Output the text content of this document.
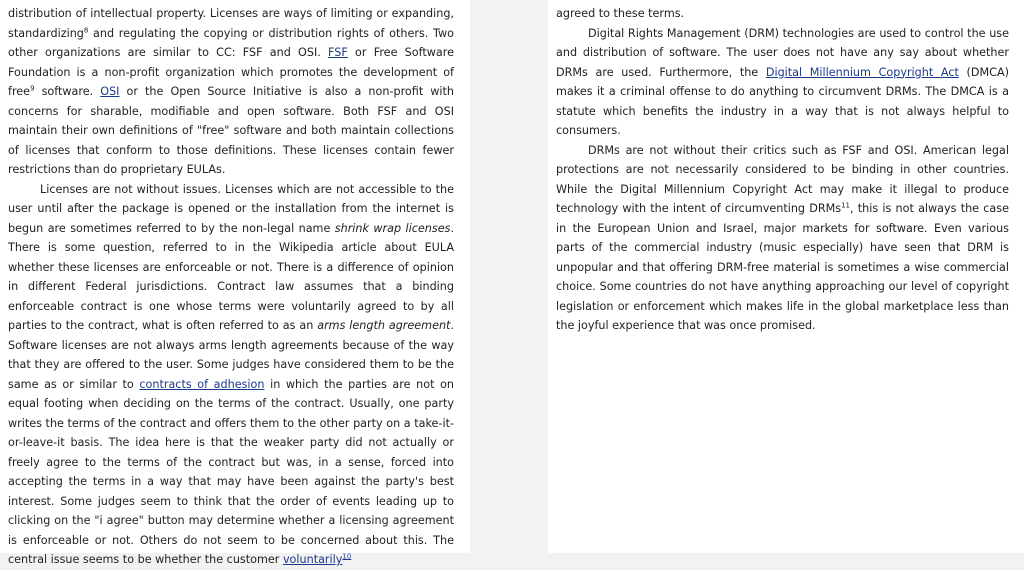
distribution of intellectual property. Licenses are ways of limiting or expanding, standardizing$^8$ and regulating the copying or distribution rights of others. Two other organizations are similar to CC: FSF and OSI. FSF or Free Software Foundation is a non-profit organization which promotes the development of free$^9$ software. OSI or the Open Source Initiative is also a non-profit with concerns for sharable, modifiable and open software. Both FSF and OSI maintain their own definitions of "free" software and both maintain collections of licenses that conform to those definitions. These licenses contain fewer restrictions than do proprietary EULAs.

Licenses are not without issues. Licenses which are not accessible to the user until after the package is opened or the installation from the internet is begun are sometimes referred to by the non-legal name shrink wrap licenses. There is some question, referred to in the Wikipedia article about EULA whether these licenses are enforceable or not. There is a difference of opinion in different Federal jurisdictions. Contract law assumes that a binding enforceable contract is one whose terms were voluntarily agreed to by all parties to the contract, what is often referred to as an arms length agreement. Software licenses are not always arms length agreements because of the way that they are offered to the user. Some judges have considered them to be the same as or similar to contracts of adhesion in which the parties are not on equal footing when deciding on the terms of the contract. Usually, one party writes the terms of the contract and offers them to the other party on a take-it-or-leave-it basis. The idea here is that the weaker party did not actually or freely agree to the terms of the contract but was, in a sense, forced into accepting the terms in a way that may have been against the party's best interest. Some judges seem to think that the order of events leading up to clicking on the "i agree" button may determine whether a licensing agreement is enforceable or not. Others do not seem to be concerned about this. The central issue seems to be whether the customer voluntarily$^{10}$

agreed to these terms.

Digital Rights Management (DRM) technologies are used to control the use and distribution of software. The user does not have any say about whether DRMs are used. Furthermore, the Digital Millennium Copyright Act (DMCA) makes it a criminal offense to do anything to circumvent DRMs. The DMCA is a statute which benefits the industry in a way that is not always helpful to consumers.

DRMs are not without their critics such as FSF and OSI. American legal protections are not necessarily considered to be binding in other countries. While the Digital Millennium Copyright Act may make it illegal to produce technology with the intent of circumventing DRMs$^{11}$, this is not always the case in the European Union and Israel, major markets for software. Even various parts of the commercial industry (music especially) have seen that DRM is unpopular and that offering DRM-free material is sometimes a wise commercial choice. Some countries do not have anything approaching our level of copyright legislation or enforcement which makes life in the global marketplace less than the joyful experience that was once promised.
